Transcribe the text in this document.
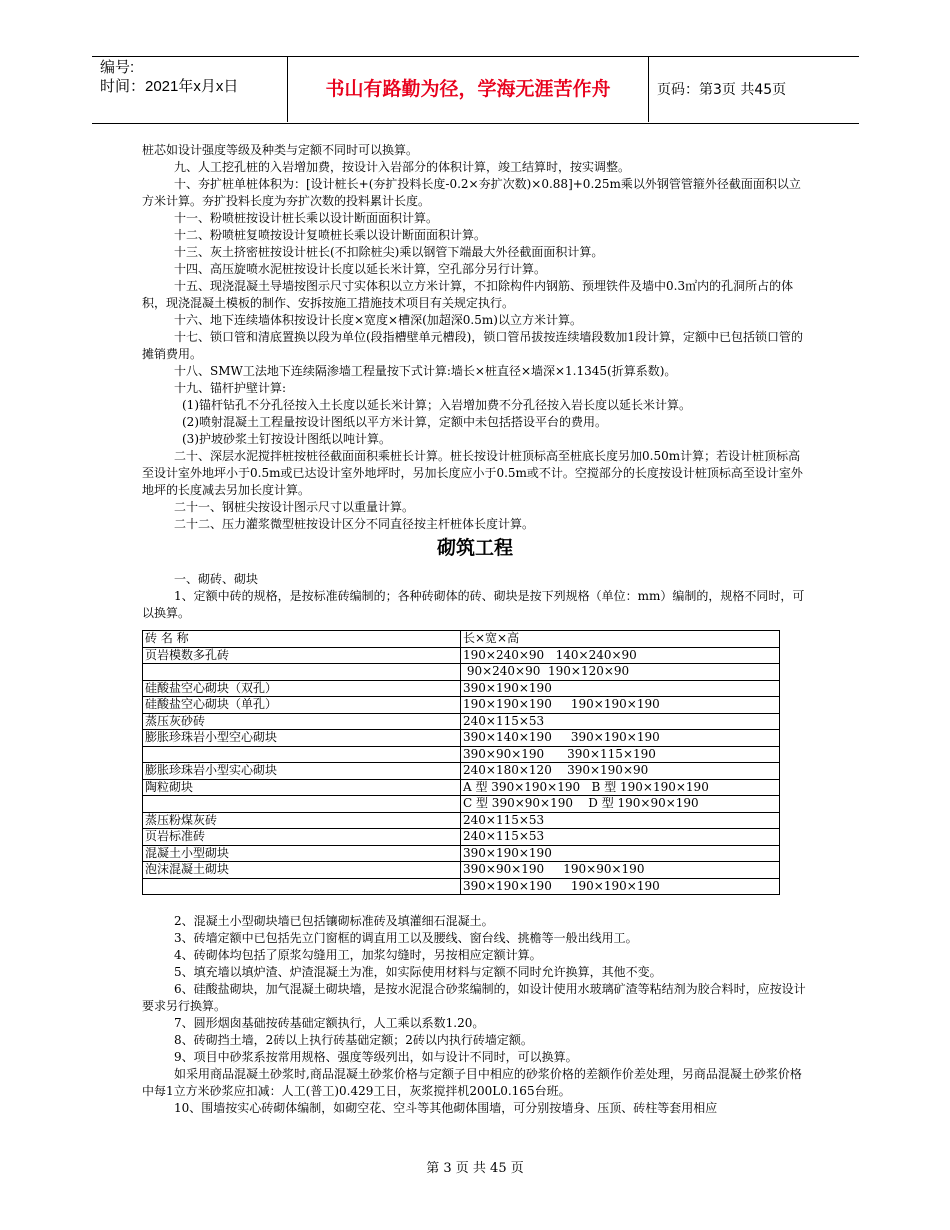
编号:
时间：2021年x月x日	书山有路勤为径，学海无涯苦作舟	页码：第3页 共45页

桩芯如设计强度等级及种类与定额不同时可以换算。

九、人工挖孔桩的入岩增加费，按设计入岩部分的体积计算，竣工结算时，按实调整。

十、夯扩桩单桩体积为：[设计桩长+(夯扩投料长度-0.2×夯扩次数)×0.88]+0.25m乘以外钢管管箍外径截面面积以立方米计算。夯扩投料长度为夯扩次数的投料累计长度。

十一、粉喷桩按设计桩长乘以设计断面面积计算。

十二、粉喷桩复喷按设计复喷桩长乘以设计断面面积计算。

十三、灰土挤密桩按设计桩长(不扣除桩尖)乘以钢管下端最大外径截面面积计算。

十四、高压旋喷水泥桩按设计长度以延长米计算，空孔部分另行计算。

十五、现浇混凝土导墙按图示尺寸实体积以立方米计算，不扣除构件内钢筋、预埋铁件及墙中0.3㎡内的孔洞所占的体积，现浇混凝土模板的制作、安拆按施工措施技术项目有关规定执行。

十六、地下连续墙体积按设计长度×宽度×槽深(加超深0.5m)以立方米计算。

十七、锁口管和清底置换以段为单位(段指槽壁单元槽段)，锁口管吊拔按连续墙段数加1段计算，定额中已包括锁口管的摊销费用。

十八、SMW工法地下连续隔渗墙工程量按下式计算:墙长×桩直径×墙深×1.1345(折算系数)。

十九、锚杆护壁计算:

(1)锚杆钻孔不分孔径按入土长度以延长米计算；入岩增加费不分孔径按入岩长度以延长米计算。

(2)喷射混凝土工程量按设计图纸以平方米计算，定额中未包括搭设平台的费用。

(3)护坡砂浆土钉按设计图纸以吨计算。

二十、深层水泥搅拌桩按桩径截面面积乘桩长计算。桩长按设计桩顶标高至桩底长度另加0.50m计算；若设计桩顶标高至设计室外地坪小于0.5m或已达设计室外地坪时，另加长度应小于0.5m或不计。空搅部分的长度按设计桩顶标高至设计室外地坪的长度减去另加长度计算。

二十一、钢桩尖按设计图示尺寸以重量计算。

二十二、压力灌浆微型桩按设计区分不同直径按主杆桩体长度计算。

砌筑工程

一、砌砖、砌块

1、定额中砖的规格，是按标准砖编制的；各种砖砌体的砖、砌块是按下列规格（单位：mm）编制的，规格不同时，可以换算。

砖 名 称	长×宽×高
页岩模数多孔砖	190×240×90   140×240×90
	90×240×90  190×120×90
硅酸盐空心砌块（双孔）	390×190×190
硅酸盐空心砌块（单孔）	190×190×190     190×190×190
蒸压灰砂砖	240×115×53
膨胀珍珠岩小型空心砌块	390×140×190     390×190×190
	390×90×190      390×115×190
膨胀珍珠岩小型实心砌块	240×180×120    390×190×90
陶粒砌块	A 型 390×190×190   B 型 190×190×190
	C 型 390×90×190    D 型 190×90×190
蒸压粉煤灰砖	240×115×53
页岩标准砖	240×115×53
混凝土小型砌块	390×190×190
泡沫混凝土砌块	390×90×190     190×90×190
	390×190×190     190×190×190

2、混凝土小型砌块墙已包括镶砌标准砖及填灌细石混凝土。

3、砖墙定额中已包括先立门窗框的调直用工以及腰线、窗台线、挑檐等一般出线用工。

4、砖砌体均包括了原浆勾缝用工，加浆勾缝时，另按相应定额计算。

5、填充墙以填炉渣、炉渣混凝土为准，如实际使用材料与定额不同时允许换算，其他不变。

6、硅酸盐砌块，加气混凝土砌块墙，是按水泥混合砂浆编制的，如设计使用水玻璃矿渣等粘结剂为胶合料时，应按设计要求另行换算。

7、圆形烟囱基础按砖基础定额执行，人工乘以系数1.20。

8、砖砌挡土墙，2砖以上执行砖基础定额；2砖以内执行砖墙定额。

9、项目中砂浆系按常用规格、强度等级列出，如与设计不同时，可以换算。

如采用商品混凝土砂浆时,商品混凝土砂浆价格与定额子目中相应的砂浆价格的差额作价差处理，另商品混凝土砂浆价格中每1立方米砂浆应扣减：人工(普工)0.429工日，灰浆搅拌机200L0.165台班。

10、围墙按实心砖砌体编制，如砌空花、空斗等其他砌体围墙，可分别按墙身、压顶、砖柱等套用相应

第 3 页 共 45 页
